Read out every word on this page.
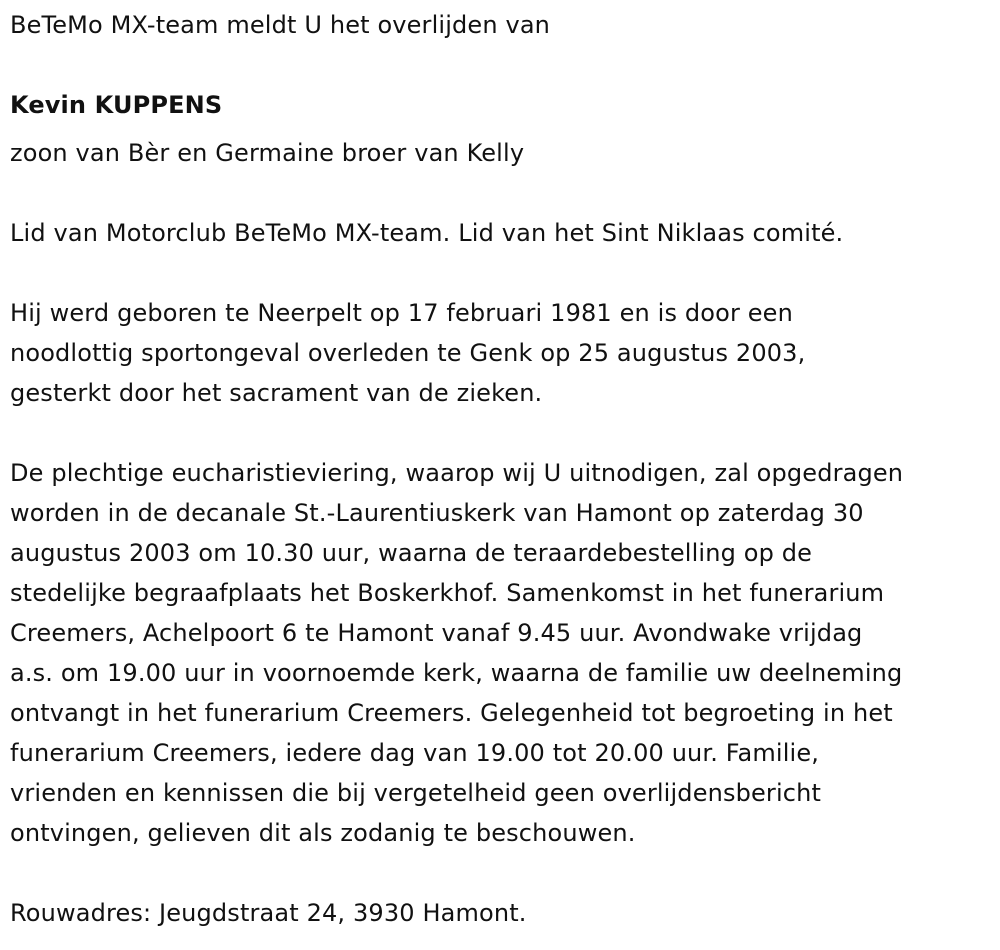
BeTeMo MX-team meldt U het overlijden van
Kevin KUPPENS
zoon van Bèr en Germaine broer van Kelly
Lid van Motorclub BeTeMo MX-team. Lid van het Sint Niklaas comité.
Hij werd geboren te Neerpelt op 17 februari 1981 en is door een
noodlottig sportongeval overleden te Genk op 25 augustus 2003,
gesterkt door het sacrament van de zieken.
De plechtige eucharistieviering, waarop wij U uitnodigen, zal opgedragen
worden in de decanale St.-Laurentiuskerk van Hamont op zaterdag 30
augustus 2003 om 10.30 uur, waarna de teraardebestelling op de
stedelijke begraafplaats het Boskerkhof. Samenkomst in het funerarium
Creemers, Achelpoort 6 te Hamont vanaf 9.45 uur. Avondwake vrijdag
a.s. om 19.00 uur in voornoemde kerk, waarna de familie uw deelneming
ontvangt in het funerarium Creemers. Gelegenheid tot begroeting in het
funerarium Creemers, iedere dag van 19.00 tot 20.00 uur. Familie,
vrienden en kennissen die bij vergetelheid geen overlijdensbericht
ontvingen, gelieven dit als zodanig te beschouwen.
Rouwadres: Jeugdstraat 24, 3930 Hamont.
